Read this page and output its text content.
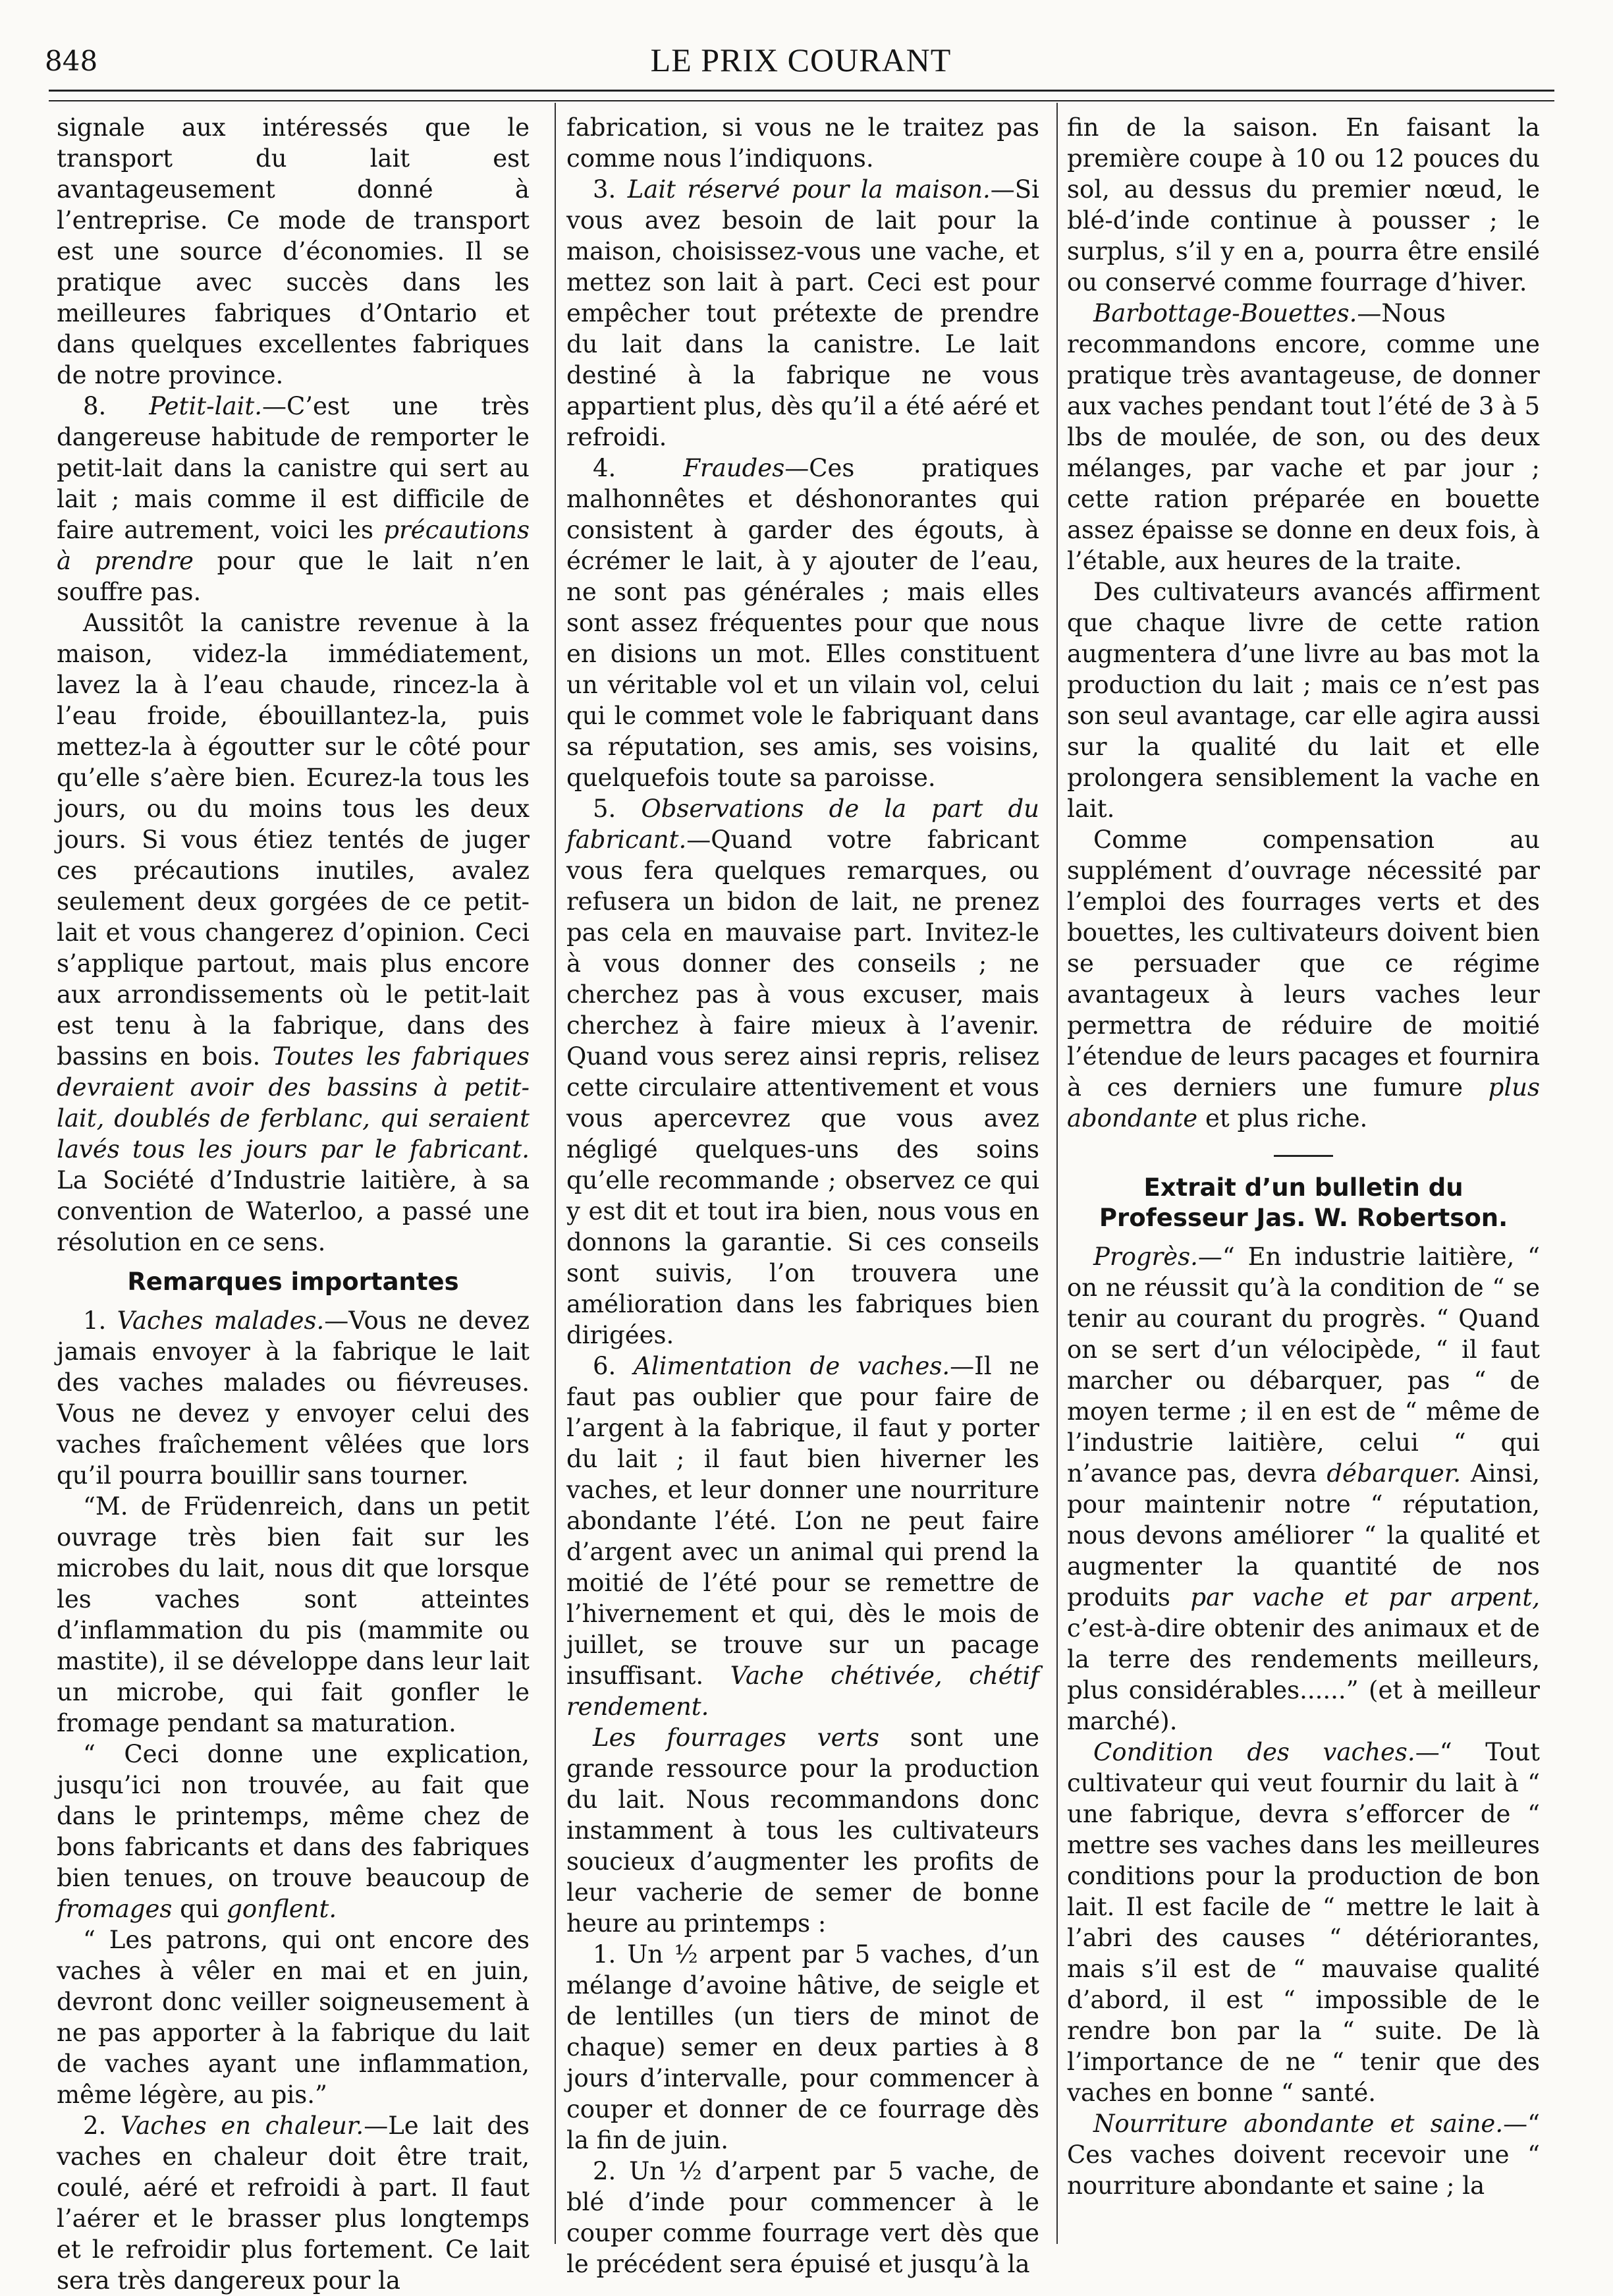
848	LE PRIX COURANT

signale aux intéressés que le transport du lait est avantageusement donné à l’entreprise. Ce mode de transport est une source d’économies. Il se pratique avec succès dans les meilleures fabriques d’Ontario et dans quelques excellentes fabriques de notre province.

8. Petit-lait.—C’est une très dangereuse habitude de remporter le petit-lait dans la canistre qui sert au lait ; mais comme il est difficile de faire autrement, voici les précautions à prendre pour que le lait n’en souffre pas.

Aussitôt la canistre revenue à la maison, videz-la immédiatement, lavez la à l’eau chaude, rincez-la à l’eau froide, ébouillantez-la, puis mettez-la à égoutter sur le côté pour qu’elle s’aère bien. Ecurez-la tous les jours, ou du moins tous les deux jours. Si vous étiez tentés de juger ces précautions inutiles, avalez seulement deux gorgées de ce petit-lait et vous changerez d’opinion. Ceci s’applique partout, mais plus encore aux arrondissements où le petit-lait est tenu à la fabrique, dans des bassins en bois. Toutes les fabriques devraient avoir des bassins à petit-lait, doublés de ferblanc, qui seraient lavés tous les jours par le fabricant. La Société d’Industrie laitière, à sa convention de Waterloo, a passé une résolution en ce sens.

Remarques importantes

1. Vaches malades.—Vous ne devez jamais envoyer à la fabrique le lait des vaches malades ou fiévreuses. Vous ne devez y envoyer celui des vaches fraîchement vêlées que lors qu’il pourra bouillir sans tourner.

“M. de Früdenreich, dans un petit ouvrage très bien fait sur les microbes du lait, nous dit que lorsque les vaches sont atteintes d’inflammation du pis (mammite ou mastite), il se développe dans leur lait un microbe, qui fait gonfler le fromage pendant sa maturation.

“ Ceci donne une explication, jusqu’ici non trouvée, au fait que dans le printemps, même chez de bons fabricants et dans des fabriques bien tenues, on trouve beaucoup de fromages qui gonflent.

“ Les patrons, qui ont encore des vaches à vêler en mai et en juin, devront donc veiller soigneusement à ne pas apporter à la fabrique du lait de vaches ayant une inflammation, même légère, au pis.”

2. Vaches en chaleur.—Le lait des vaches en chaleur doit être trait, coulé, aéré et refroidi à part. Il faut l’aérer et le brasser plus longtemps et le refroidir plus fortement. Ce lait sera très dangereux pour la

fabrication, si vous ne le traitez pas comme nous l’indiquons.

3. Lait réservé pour la maison.—Si vous avez besoin de lait pour la maison, choisissez-vous une vache, et mettez son lait à part. Ceci est pour empêcher tout prétexte de prendre du lait dans la canistre. Le lait destiné à la fabrique ne vous appartient plus, dès qu’il a été aéré et refroidi.

4. Fraudes—Ces pratiques malhonnêtes et déshonorantes qui consistent à garder des égouts, à écrémer le lait, à y ajouter de l’eau, ne sont pas générales ; mais elles sont assez fréquentes pour que nous en disions un mot. Elles constituent un véritable vol et un vilain vol, celui qui le commet vole le fabriquant dans sa réputation, ses amis, ses voisins, quelquefois toute sa paroisse.

5. Observations de la part du fabricant.—Quand votre fabricant vous fera quelques remarques, ou refusera un bidon de lait, ne prenez pas cela en mauvaise part. Invitez-le à vous donner des conseils ; ne cherchez pas à vous excuser, mais cherchez à faire mieux à l’avenir. Quand vous serez ainsi repris, relisez cette circulaire attentivement et vous vous apercevrez que vous avez négligé quelques-uns des soins qu’elle recommande ; observez ce qui y est dit et tout ira bien, nous vous en donnons la garantie. Si ces conseils sont suivis, l’on trouvera une amélioration dans les fabriques bien dirigées.

6. Alimentation de vaches.—Il ne faut pas oublier que pour faire de l’argent à la fabrique, il faut y porter du lait ; il faut bien hiverner les vaches, et leur donner une nourriture abondante l’été. L’on ne peut faire d’argent avec un animal qui prend la moitié de l’été pour se remettre de l’hivernement et qui, dès le mois de juillet, se trouve sur un pacage insuffisant. Vache chétivée, chétif rendement.

Les fourrages verts sont une grande ressource pour la production du lait. Nous recommandons donc instamment à tous les cultivateurs soucieux d’augmenter les profits de leur vacherie de semer de bonne heure au printemps :

1. Un ½ arpent par 5 vaches, d’un mélange d’avoine hâtive, de seigle et de lentilles (un tiers de minot de chaque) semer en deux parties à 8 jours d’intervalle, pour commencer à couper et donner de ce fourrage dès la fin de juin.

2. Un ½ d’arpent par 5 vache, de blé d’inde pour commencer à le couper comme fourrage vert dès que le précédent sera épuisé et jusqu’à la

fin de la saison. En faisant la première coupe à 10 ou 12 pouces du sol, au dessus du premier nœud, le blé-d’inde continue à pousser ; le surplus, s’il y en a, pourra être ensilé ou conservé comme fourrage d’hiver.

Barbottage-Bouettes.—Nous recommandons encore, comme une pratique très avantageuse, de donner aux vaches pendant tout l’été de 3 à 5 lbs de moulée, de son, ou des deux mélanges, par vache et par jour ; cette ration préparée en bouette assez épaisse se donne en deux fois, à l’étable, aux heures de la traite.

Des cultivateurs avancés affirment que chaque livre de cette ration augmentera d’une livre au bas mot la production du lait ; mais ce n’est pas son seul avantage, car elle agira aussi sur la qualité du lait et elle prolongera sensiblement la vache en lait.

Comme compensation au supplément d’ouvrage nécessité par l’emploi des fourrages verts et des bouettes, les cultivateurs doivent bien se persuader que ce régime avantageux à leurs vaches leur permettra de réduire de moitié l’étendue de leurs pacages et fournira à ces derniers une fumure plus abondante et plus riche.

Extrait d’un bulletin du Professeur Jas. W. Robertson.

Progrès.—“ En industrie laitière, “ on ne réussit qu’à la condition de “ se tenir au courant du progrès. “ Quand on se sert d’un vélocipède, “ il faut marcher ou débarquer, pas “ de moyen terme ; il en est de “ même de l’industrie laitière, celui “ qui n’avance pas, devra débarquer. Ainsi, pour maintenir notre “ réputation, nous devons améliorer “ la qualité et augmenter la quantité de nos produits par vache et par arpent, c’est-à-dire obtenir des animaux et de la terre des rendements meilleurs, plus considérables......” (et à meilleur marché).

Condition des vaches.—“ Tout cultivateur qui veut fournir du lait à “ une fabrique, devra s’efforcer de “ mettre ses vaches dans les meilleures conditions pour la production de bon lait. Il est facile de “ mettre le lait à l’abri des causes “ détériorantes, mais s’il est de “ mauvaise qualité d’abord, il est “ impossible de le rendre bon par la “ suite. De là l’importance de ne “ tenir que des vaches en bonne “ santé.

Nourriture abondante et saine.—“ Ces vaches doivent recevoir une “ nourriture abondante et saine ; la
